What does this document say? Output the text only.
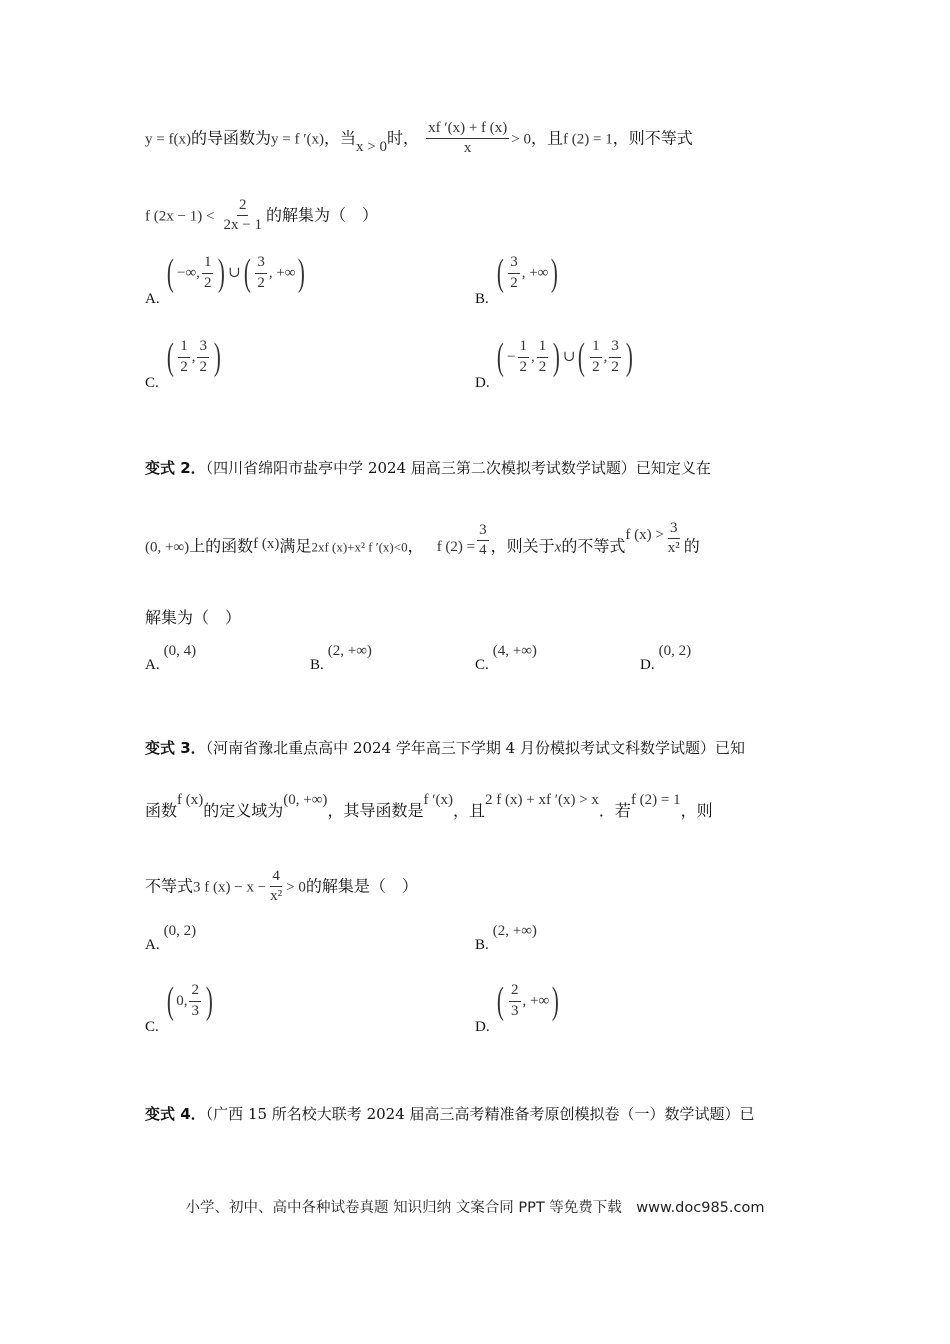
y = f(x)的导函数为y = f ′(x)，当x > 0时， $\frac{xf '(x) + f (x)}{x} > 0$，且f (2) = 1，则不等式
f $(2x - 1) < \frac{2}{2x - 1}$ 的解集为（　）
A. ( −∞, $\frac{1}{2}$ ) ∪( $\frac{3}{2}$ , +∞)
B. ( $\frac{3}{2}$ , +∞)
C. ( $\frac{1}{2}$ , $\frac{3}{2}$ )
D. ( − $\frac{1}{2}$ , $\frac{1}{2}$ ) ∪( $\frac{1}{2}$ , $\frac{3}{2}$ )
变式 2．（四川省绵阳市盐亭中学 2024 届高三第二次模拟考试数学试题）已知定义在
(0, +∞)上的函数f (x)满足2xf (x)+x² f ′(x)<0， f $(2) = \frac{3}{4}$ ，则关于x的不等式f $(x) > \frac{3}{\text{x²}}$ 的
解集为（　）
A.(0, 4)
B.(2, +∞)
C.(4, +∞)
D.(0, 2)
变式 3．（河南省豫北重点高中 2024 学年高三下学期 4 月份模拟考试文科数学试题）已知
函数f (x)的定义域为(0, +∞)，其导函数是f ′(x)，且2 f (x) + xf ′(x) > x．若f (2) = 1，则
不等式3 f $(x) - x - \frac{4}{\text{x²}} > 0$的解集是（　）
A.(0, 2)
B.(2, +∞)
C. ( 0, $\frac{2}{3}$ )
D. ( $\frac{2}{3}$ , +∞)
变式 4．（广西 15 所名校大联考 2024 届高三高考精准备考原创模拟卷（一）数学试题）已
小学、初中、高中各种试卷真题 知识归纳 文案合同 PPT 等免费下载　www.doc985.com
